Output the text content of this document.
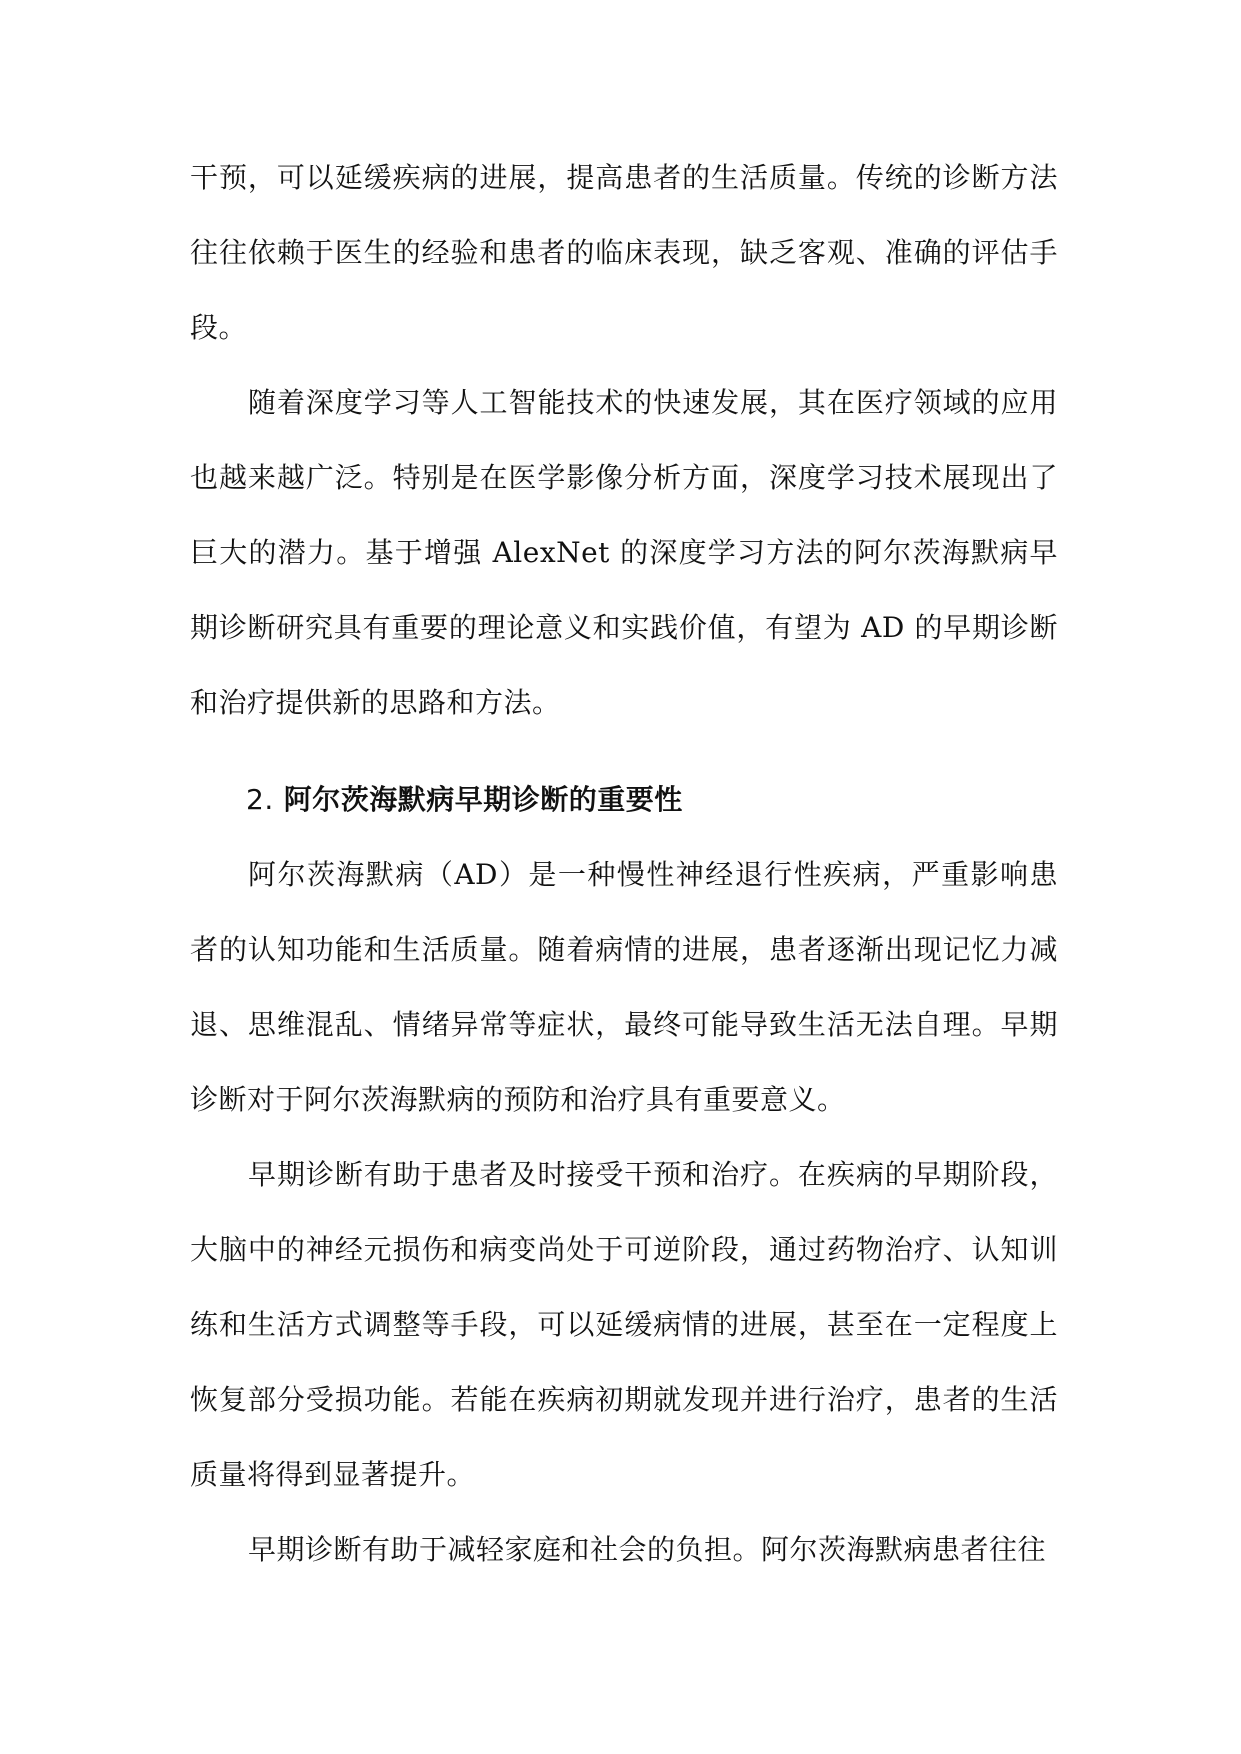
干预，可以延缓疾病的进展，提高患者的生活质量。传统的诊断方法往往依赖于医生的经验和患者的临床表现，缺乏客观、准确的评估手段。

随着深度学习等人工智能技术的快速发展，其在医疗领域的应用也越来越广泛。特别是在医学影像分析方面，深度学习技术展现出了巨大的潜力。基于增强 AlexNet 的深度学习方法的阿尔茨海默病早期诊断研究具有重要的理论意义和实践价值，有望为 AD 的早期诊断和治疗提供新的思路和方法。

2. 阿尔茨海默病早期诊断的重要性

阿尔茨海默病（AD）是一种慢性神经退行性疾病，严重影响患者的认知功能和生活质量。随着病情的进展，患者逐渐出现记忆力减退、思维混乱、情绪异常等症状，最终可能导致生活无法自理。早期诊断对于阿尔茨海默病的预防和治疗具有重要意义。

早期诊断有助于患者及时接受干预和治疗。在疾病的早期阶段，大脑中的神经元损伤和病变尚处于可逆阶段，通过药物治疗、认知训练和生活方式调整等手段，可以延缓病情的进展，甚至在一定程度上恢复部分受损功能。若能在疾病初期就发现并进行治疗，患者的生活质量将得到显著提升。

早期诊断有助于减轻家庭和社会的负担。阿尔茨海默病患者往往
